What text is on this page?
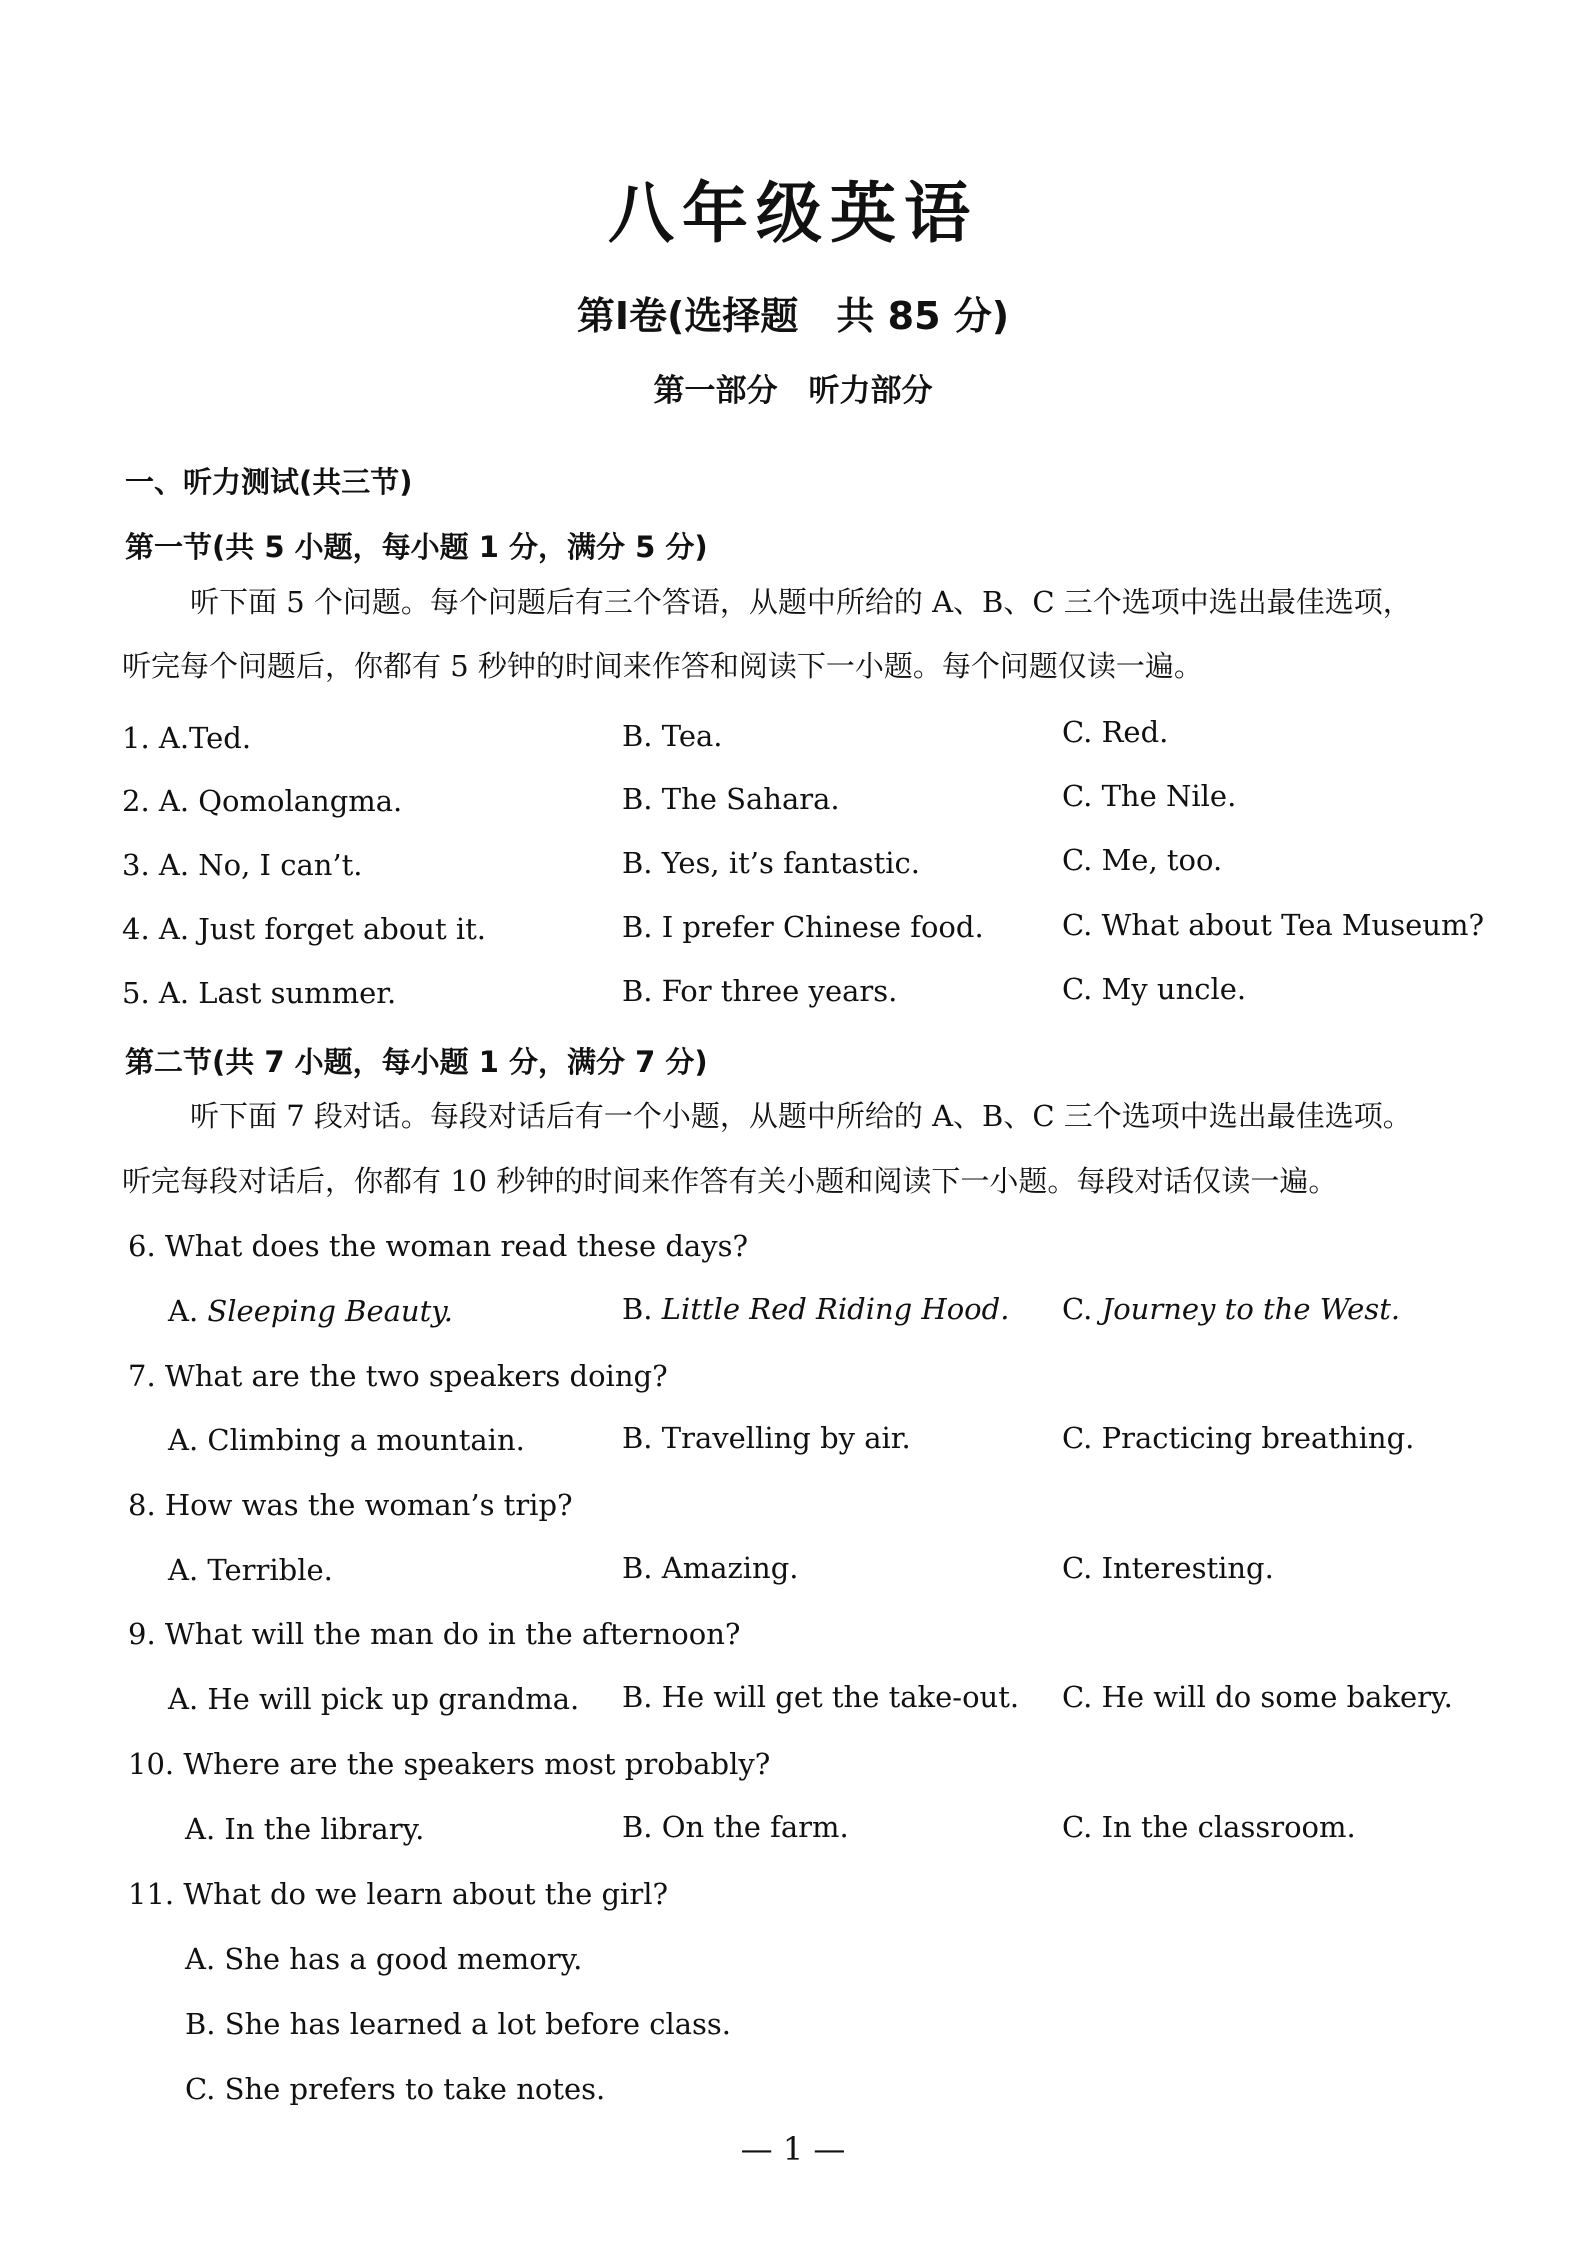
八年级英语
第Ⅰ卷(选择题　共 85 分)
第一部分　听力部分
一、听力测试(共三节)
第一节(共 5 小题，每小题 1 分，满分 5 分)
听下面 5 个问题。每个问题后有三个答语，从题中所给的 A、B、C 三个选项中选出最佳选项，
听完每个问题后，你都有 5 秒钟的时间来作答和阅读下一小题。每个问题仅读一遍。
1. A.Ted.	B. Tea.	C. Red.
2. A. Qomolangma.	B. The Sahara.	C. The Nile.
3. A. No, I can’t.	B. Yes, it’s fantastic.	C. Me, too.
4. A. Just forget about it.	B. I prefer Chinese food.	C. What about Tea Museum?
5. A. Last summer.	B. For three years.	C. My uncle.
第二节(共 7 小题，每小题 1 分，满分 7 分)
听下面 7 段对话。每段对话后有一个小题，从题中所给的 A、B、C 三个选项中选出最佳选项。
听完每段对话后，你都有 10 秒钟的时间来作答有关小题和阅读下一小题。每段对话仅读一遍。
6. What does the woman read these days?
A. Sleeping Beauty.	B. Little Red Riding Hood. C. Journey to the West.
7. What are the two speakers doing?
A. Climbing a mountain.	B. Travelling by air.	C. Practicing breathing.
8. How was the woman’s trip?
A. Terrible.	B. Amazing.	C. Interesting.
9. What will the man do in the afternoon?
A. He will pick up grandma. B. He will get the take-out. C. He will do some bakery.
10. Where are the speakers most probably?
A. In the library.	B. On the farm.	C. In the classroom.
11. What do we learn about the girl?
A. She has a good memory.
B. She has learned a lot before class.
C. She prefers to take notes.
— 1 —
